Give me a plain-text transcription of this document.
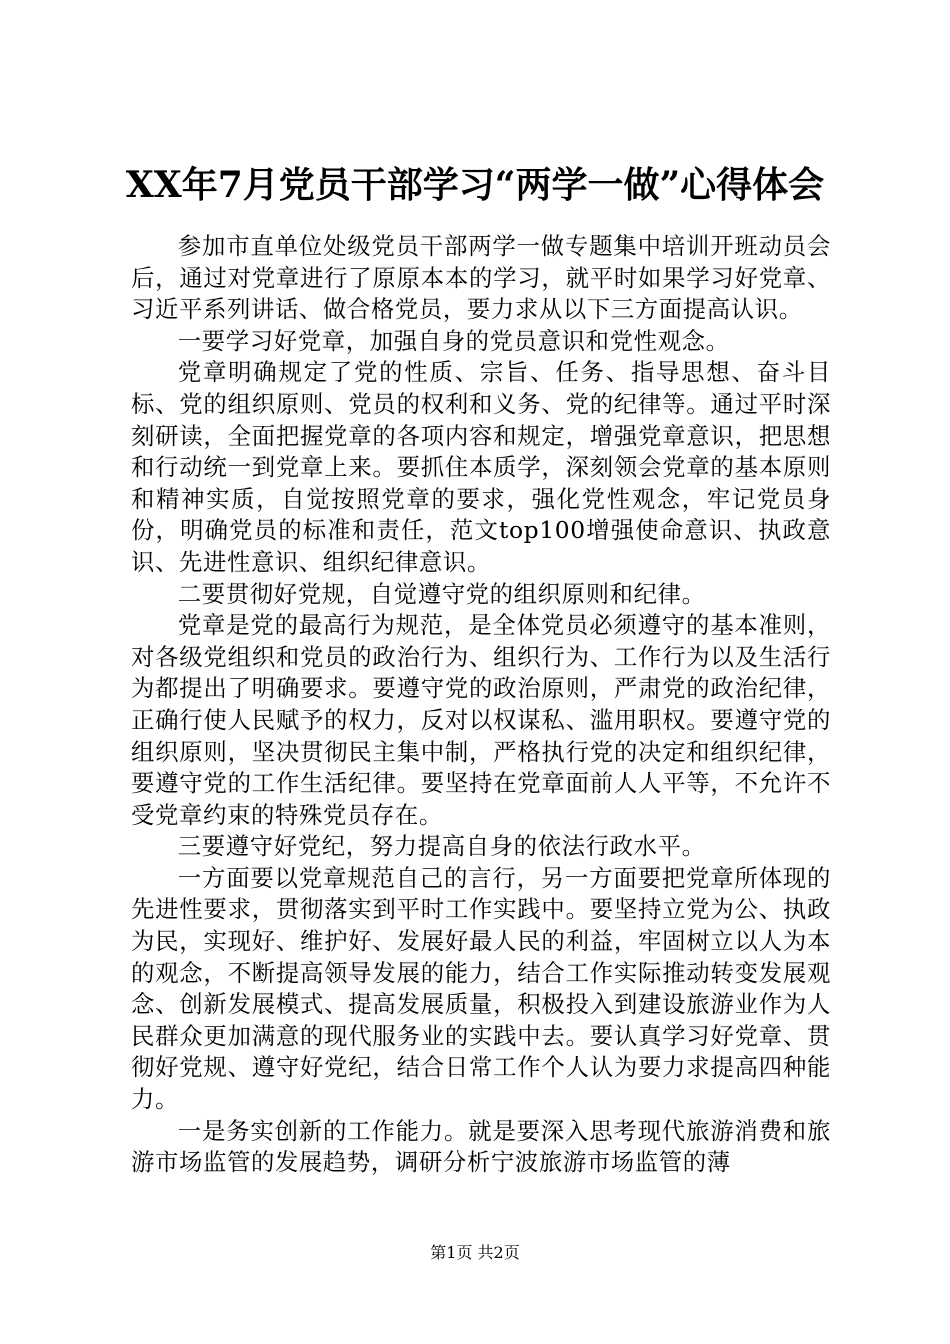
XX年7月党员干部学习“两学一做”心得体会

参加市直单位处级党员干部两学一做专题集中培训开班动员会后，通过对党章进行了原原本本的学习，就平时如果学习好党章、习近平系列讲话、做合格党员，要力求从以下三方面提高认识。

一要学习好党章，加强自身的党员意识和党性观念。

党章明确规定了党的性质、宗旨、任务、指导思想、奋斗目标、党的组织原则、党员的权利和义务、党的纪律等。通过平时深刻研读，全面把握党章的各项内容和规定，增强党章意识，把思想和行动统一到党章上来。要抓住本质学，深刻领会党章的基本原则和精神实质，自觉按照党章的要求，强化党性观念，牢记党员身份，明确党员的标准和责任，范文top100增强使命意识、执政意识、先进性意识、组织纪律意识。

二要贯彻好党规，自觉遵守党的组织原则和纪律。

党章是党的最高行为规范，是全体党员必须遵守的基本准则，对各级党组织和党员的政治行为、组织行为、工作行为以及生活行为都提出了明确要求。要遵守党的政治原则，严肃党的政治纪律，正确行使人民赋予的权力，反对以权谋私、滥用职权。要遵守党的组织原则，坚决贯彻民主集中制，严格执行党的决定和组织纪律，要遵守党的工作生活纪律。要坚持在党章面前人人平等，不允许不受党章约束的特殊党员存在。

三要遵守好党纪，努力提高自身的依法行政水平。

一方面要以党章规范自己的言行，另一方面要把党章所体现的先进性要求，贯彻落实到平时工作实践中。要坚持立党为公、执政为民，实现好、维护好、发展好最人民的利益，牢固树立以人为本的观念，不断提高领导发展的能力，结合工作实际推动转变发展观念、创新发展模式、提高发展质量，积极投入到建设旅游业作为人民群众更加满意的现代服务业的实践中去。要认真学习好党章、贯彻好党规、遵守好党纪，结合日常工作个人认为要力求提高四种能力。

一是务实创新的工作能力。就是要深入思考现代旅游消费和旅游市场监管的发展趋势，调研分析宁波旅游市场监管的薄

第1页 共2页
